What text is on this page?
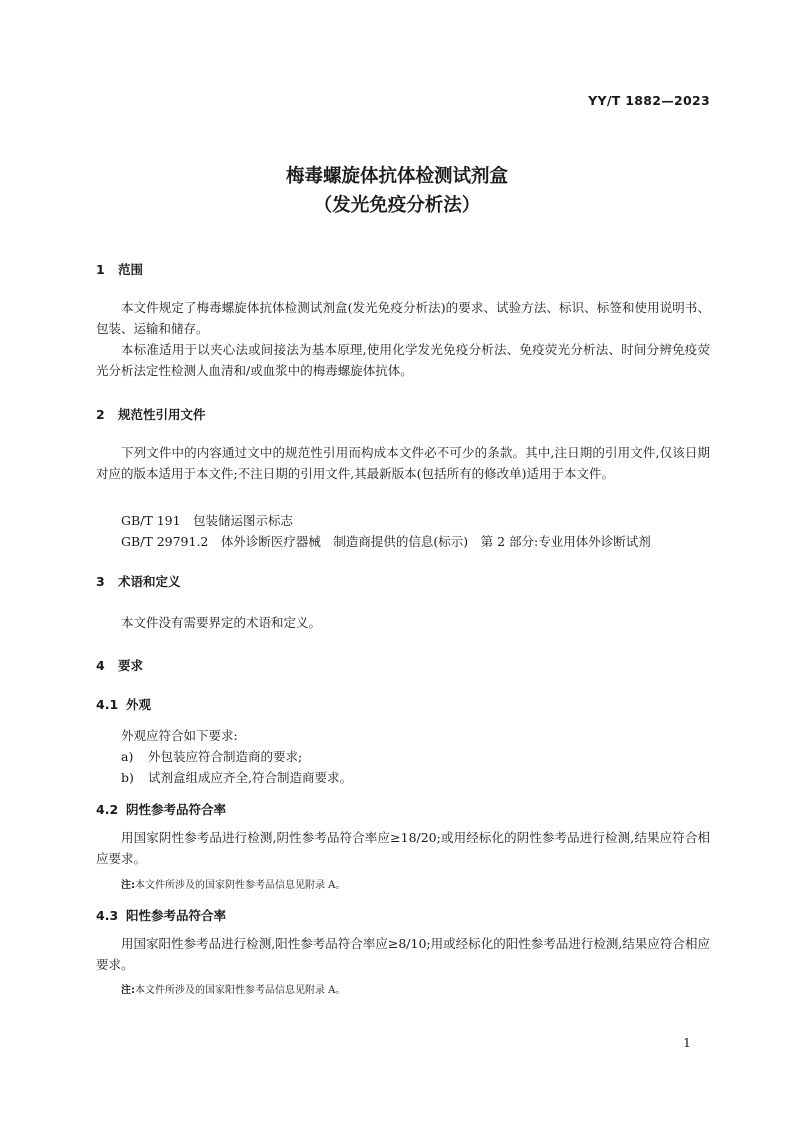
YY/T 1882—2023
梅毒螺旋体抗体检测试剂盒
（发光免疫分析法）
1 范围
本文件规定了梅毒螺旋体抗体检测试剂盒(发光免疫分析法)的要求、试验方法、标识、标签和使用说明书、包装、运输和储存。
本标准适用于以夹心法或间接法为基本原理,使用化学发光免疫分析法、免疫荧光分析法、时间分辨免疫荧光分析法定性检测人血清和/或血浆中的梅毒螺旋体抗体。
2 规范性引用文件
下列文件中的内容通过文中的规范性引用而构成本文件必不可少的条款。其中,注日期的引用文件,仅该日期对应的版本适用于本文件;不注日期的引用文件,其最新版本(包括所有的修改单)适用于本文件。
GB/T 191　包装储运图示标志
GB/T 29791.2　体外诊断医疗器械　制造商提供的信息(标示)　第 2 部分:专业用体外诊断试剂
3 术语和定义
本文件没有需要界定的术语和定义。
4 要求
4.1 外观
外观应符合如下要求:
a) 外包装应符合制造商的要求;
b) 试剂盒组成应齐全,符合制造商要求。
4.2 阴性参考品符合率
用国家阴性参考品进行检测,阴性参考品符合率应≥18/20;或用经标化的阴性参考品进行检测,结果应符合相应要求。
注:本文件所涉及的国家阴性参考品信息见附录 A。
4.3 阳性参考品符合率
用国家阳性参考品进行检测,阳性参考品符合率应≥8/10;用或经标化的阳性参考品进行检测,结果应符合相应要求。
注:本文件所涉及的国家阳性参考品信息见附录 A。
1
